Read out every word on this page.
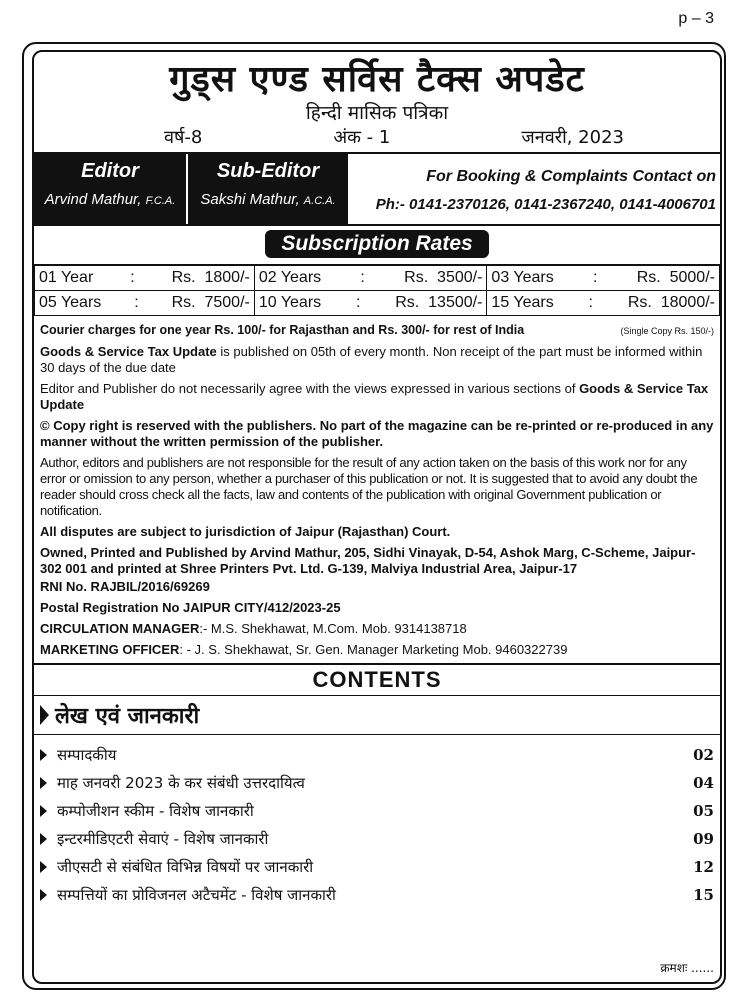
p – 3
गुड्स एण्ड सर्विस टैक्स अपडेट
हिन्दी मासिक पत्रिका
वर्ष-8	अंक - 1	जनवरी, 2023
Editor
Arvind Mathur, F.C.A.
Sub-Editor
Sakshi Mathur, A.C.A.
For Booking & Complaints Contact on
Ph:- 0141-2370126, 0141-2367240, 0141-4006701
Subscription Rates
01 Year : Rs. 1800/-	02 Years : Rs. 3500/-	03 Years : Rs. 5000/-

05 Years : Rs. 7500/-	10 Years : Rs. 13500/-	15 Years : Rs. 18000/-

Courier charges for one year Rs. 100/- for Rajasthan and Rs. 300/- for rest of India	(Single Copy Rs. 150/-)

Goods & Service Tax Update is published on 05th of every month. Non receipt of the part must be informed within 30 days of the due date

Editor and Publisher do not necessarily agree with the views expressed in various sections of Goods & Service Tax Update

© Copy right is reserved with the publishers. No part of the magazine can be re-printed or re-produced in any manner without the written permission of the publisher.

Author, editors and publishers are not responsible for the result of any action taken on the basis of this work nor for any error or omission to any person, whether a purchaser of this publication or not. It is suggested that to avoid any doubt the reader should cross check all the facts, law and contents of the publication with original Government publication or notification.

All disputes are subject to jurisdiction of Jaipur (Rajasthan) Court.

Owned, Printed and Published by Arvind Mathur, 205, Sidhi Vinayak, D-54, Ashok Marg, C-Scheme, Jaipur-302 001 and printed at Shree Printers Pvt. Ltd. G-139, Malviya Industrial Area, Jaipur-17

RNI No. RAJBIL/2016/69269

Postal Registration No JAIPUR CITY/412/2023-25

CIRCULATION MANAGER:- M.S. Shekhawat, M.Com. Mob. 9314138718

MARKETING OFFICER: - J. S. Shekhawat, Sr. Gen. Manager Marketing Mob. 9460322739

CONTENTS
लेख एवं जानकारी
सम्पादकीय	02
माह जनवरी 2023 के कर संबंधी उत्तरदायित्व	04
कम्पोजीशन स्कीम - विशेष जानकारी	05
इन्टरमीडिएटरी सेवाएं - विशेष जानकारी	09
जीएसटी से संबंधित विभिन्न विषयों पर जानकारी	12
सम्पत्तियों का प्रोविजनल अटैचमेंट - विशेष जानकारी	15
क्रमशः ......
